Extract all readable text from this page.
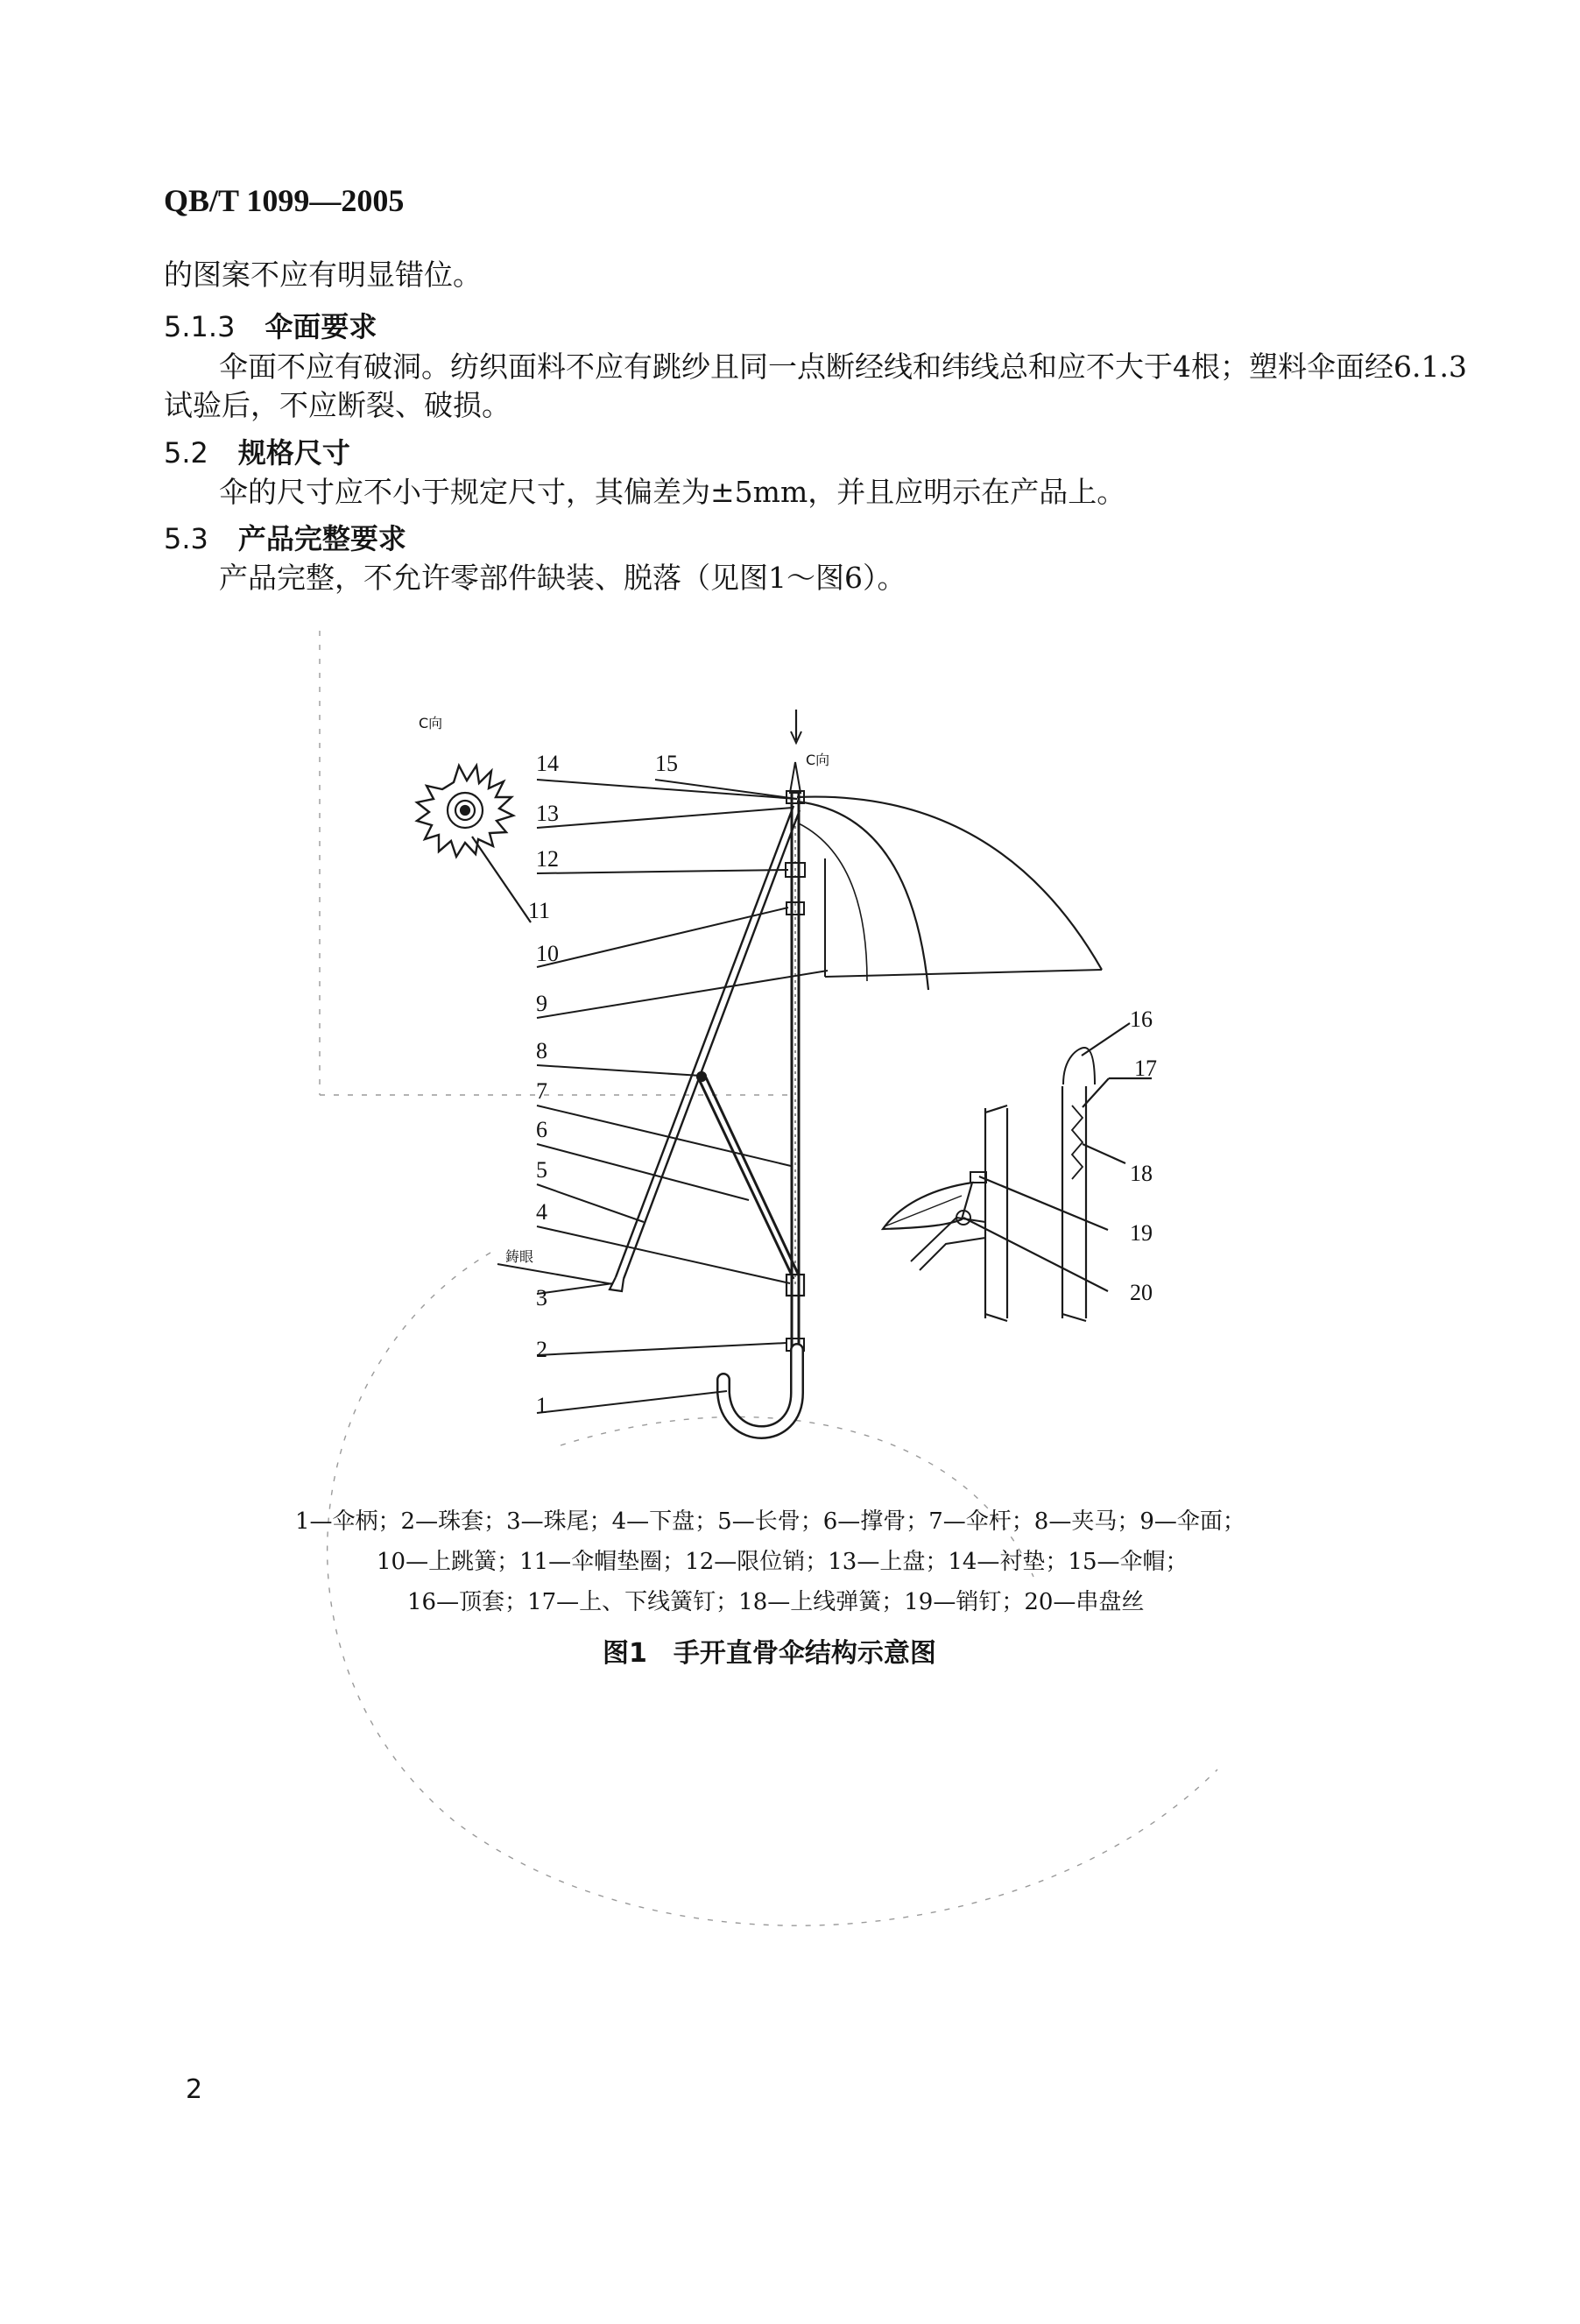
QB/T 1099—2005
的图案不应有明显错位。
5.1.3 伞面要求
伞面不应有破洞。纺织面料不应有跳纱且同一点断经线和纬线总和应不大于4根；塑料伞面经6.1.3
试验后，不应断裂、破损。
5.2 规格尺寸
伞的尺寸应不小于规定尺寸，其偏差为±5mm，并且应明示在产品上。
5.3 产品完整要求
产品完整，不允许零部件缺装、脱落（见图1～图6）。
14	15
13
12
11
10
9
8
7
6
5
4
3
2
1
16
17
18
19
20
鋳眼
C向
C向
1—伞柄；2—珠套；3—珠尾；4—下盘；5—长骨；6—撑骨；7—伞杆；8—夹马；9—伞面；
10—上跳簧；11—伞帽垫圈；12—限位销；13—上盘；14—衬垫；15—伞帽；
16—顶套；17—上、下线簧钉；18—上线弹簧；19—销钉；20—串盘丝
图1 手开直骨伞结构示意图
2
